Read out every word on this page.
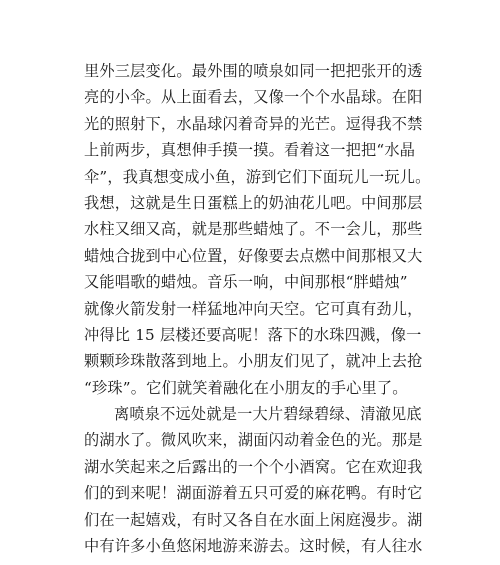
里外三层变化。最外围的喷泉如同一把把张开的透
亮的小伞。从上面看去，又像一个个水晶球。在阳
光的照射下，水晶球闪着奇异的光芒。逗得我不禁
上前两步，真想伸手摸一摸。看着这一把把“水晶
伞”，我真想变成小鱼，游到它们下面玩儿一玩儿。
我想，这就是生日蛋糕上的奶油花儿吧。中间那层
水柱又细又高，就是那些蜡烛了。不一会儿，那些
蜡烛合拢到中心位置，好像要去点燃中间那根又大
又能唱歌的蜡烛。音乐一响，中间那根“胖蜡烛”
就像火箭发射一样猛地冲向天空。它可真有劲儿，
冲得比 15 层楼还要高呢！落下的水珠四溅，像一
颗颗珍珠散落到地上。小朋友们见了，就冲上去抢
“珍珠”。它们就笑着融化在小朋友的手心里了。
离喷泉不远处就是一大片碧绿碧绿、清澈见底
的湖水了。微风吹来，湖面闪动着金色的光。那是
湖水笑起来之后露出的一个个小酒窝。它在欢迎我
们的到来呢！湖面游着五只可爱的麻花鸭。有时它
们在一起嬉戏，有时又各自在水面上闲庭漫步。湖
中有许多小鱼悠闲地游来游去。这时候，有人往水
